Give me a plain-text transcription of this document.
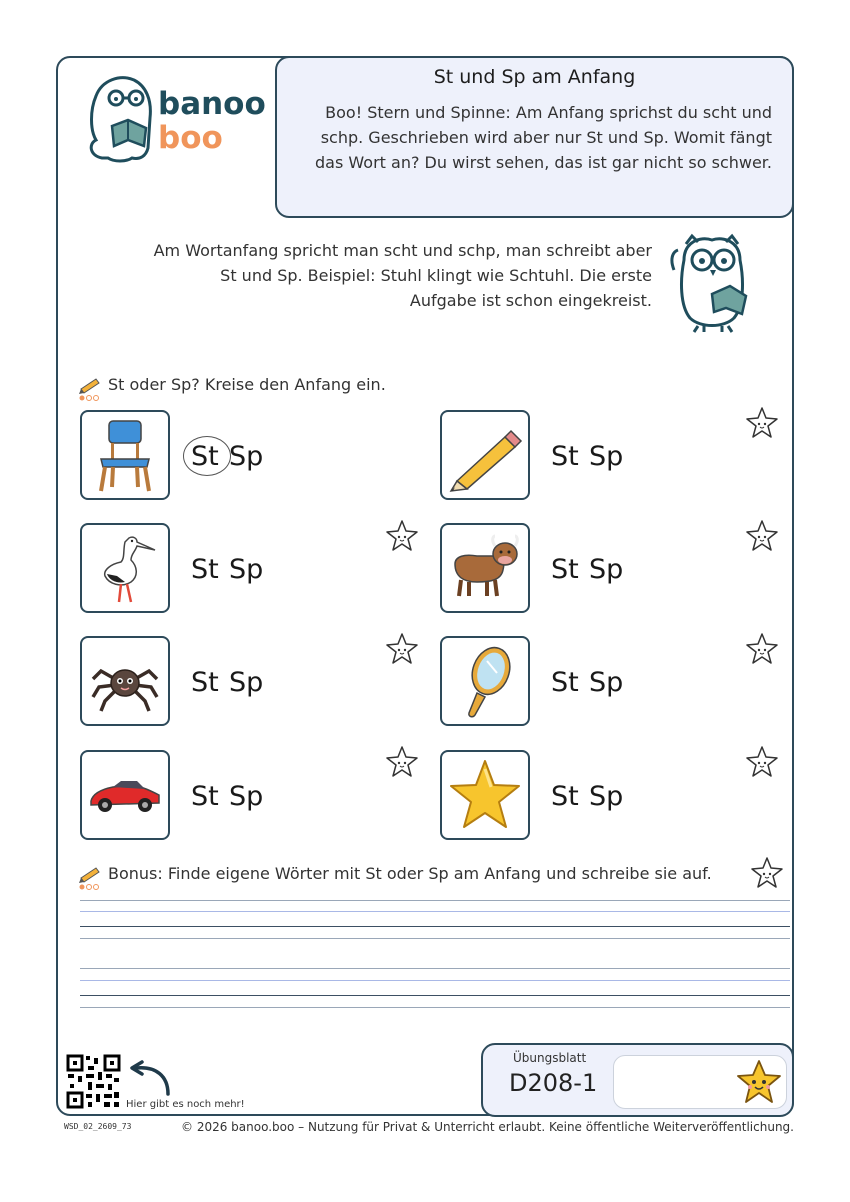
banoo
boo
St und Sp am Anfang

Boo! Stern und Spinne: Am Anfang sprichst du scht und schp. Geschrieben wird aber nur St und Sp. Womit fängt das Wort an? Du wirst sehen, das ist gar nicht so schwer.

Am Wortanfang spricht man scht und schp, man schreibt aber St und Sp. Beispiel: Stuhl klingt wie Schtuhl. Die erste Aufgabe ist schon eingekreist.

St oder Sp? Kreise den Anfang ein.
St Sp	St Sp
St Sp	St Sp
St Sp	St Sp
St Sp	St Sp
Bonus: Finde eigene Wörter mit St oder Sp am Anfang und schreibe sie auf.
Hier gibt es noch mehr!
Übungsblatt
D208-1
WSD_02_2609_73	© 2026 banoo.boo – Nutzung für Privat & Unterricht erlaubt. Keine öffentliche Weiterveröffentlichung.
